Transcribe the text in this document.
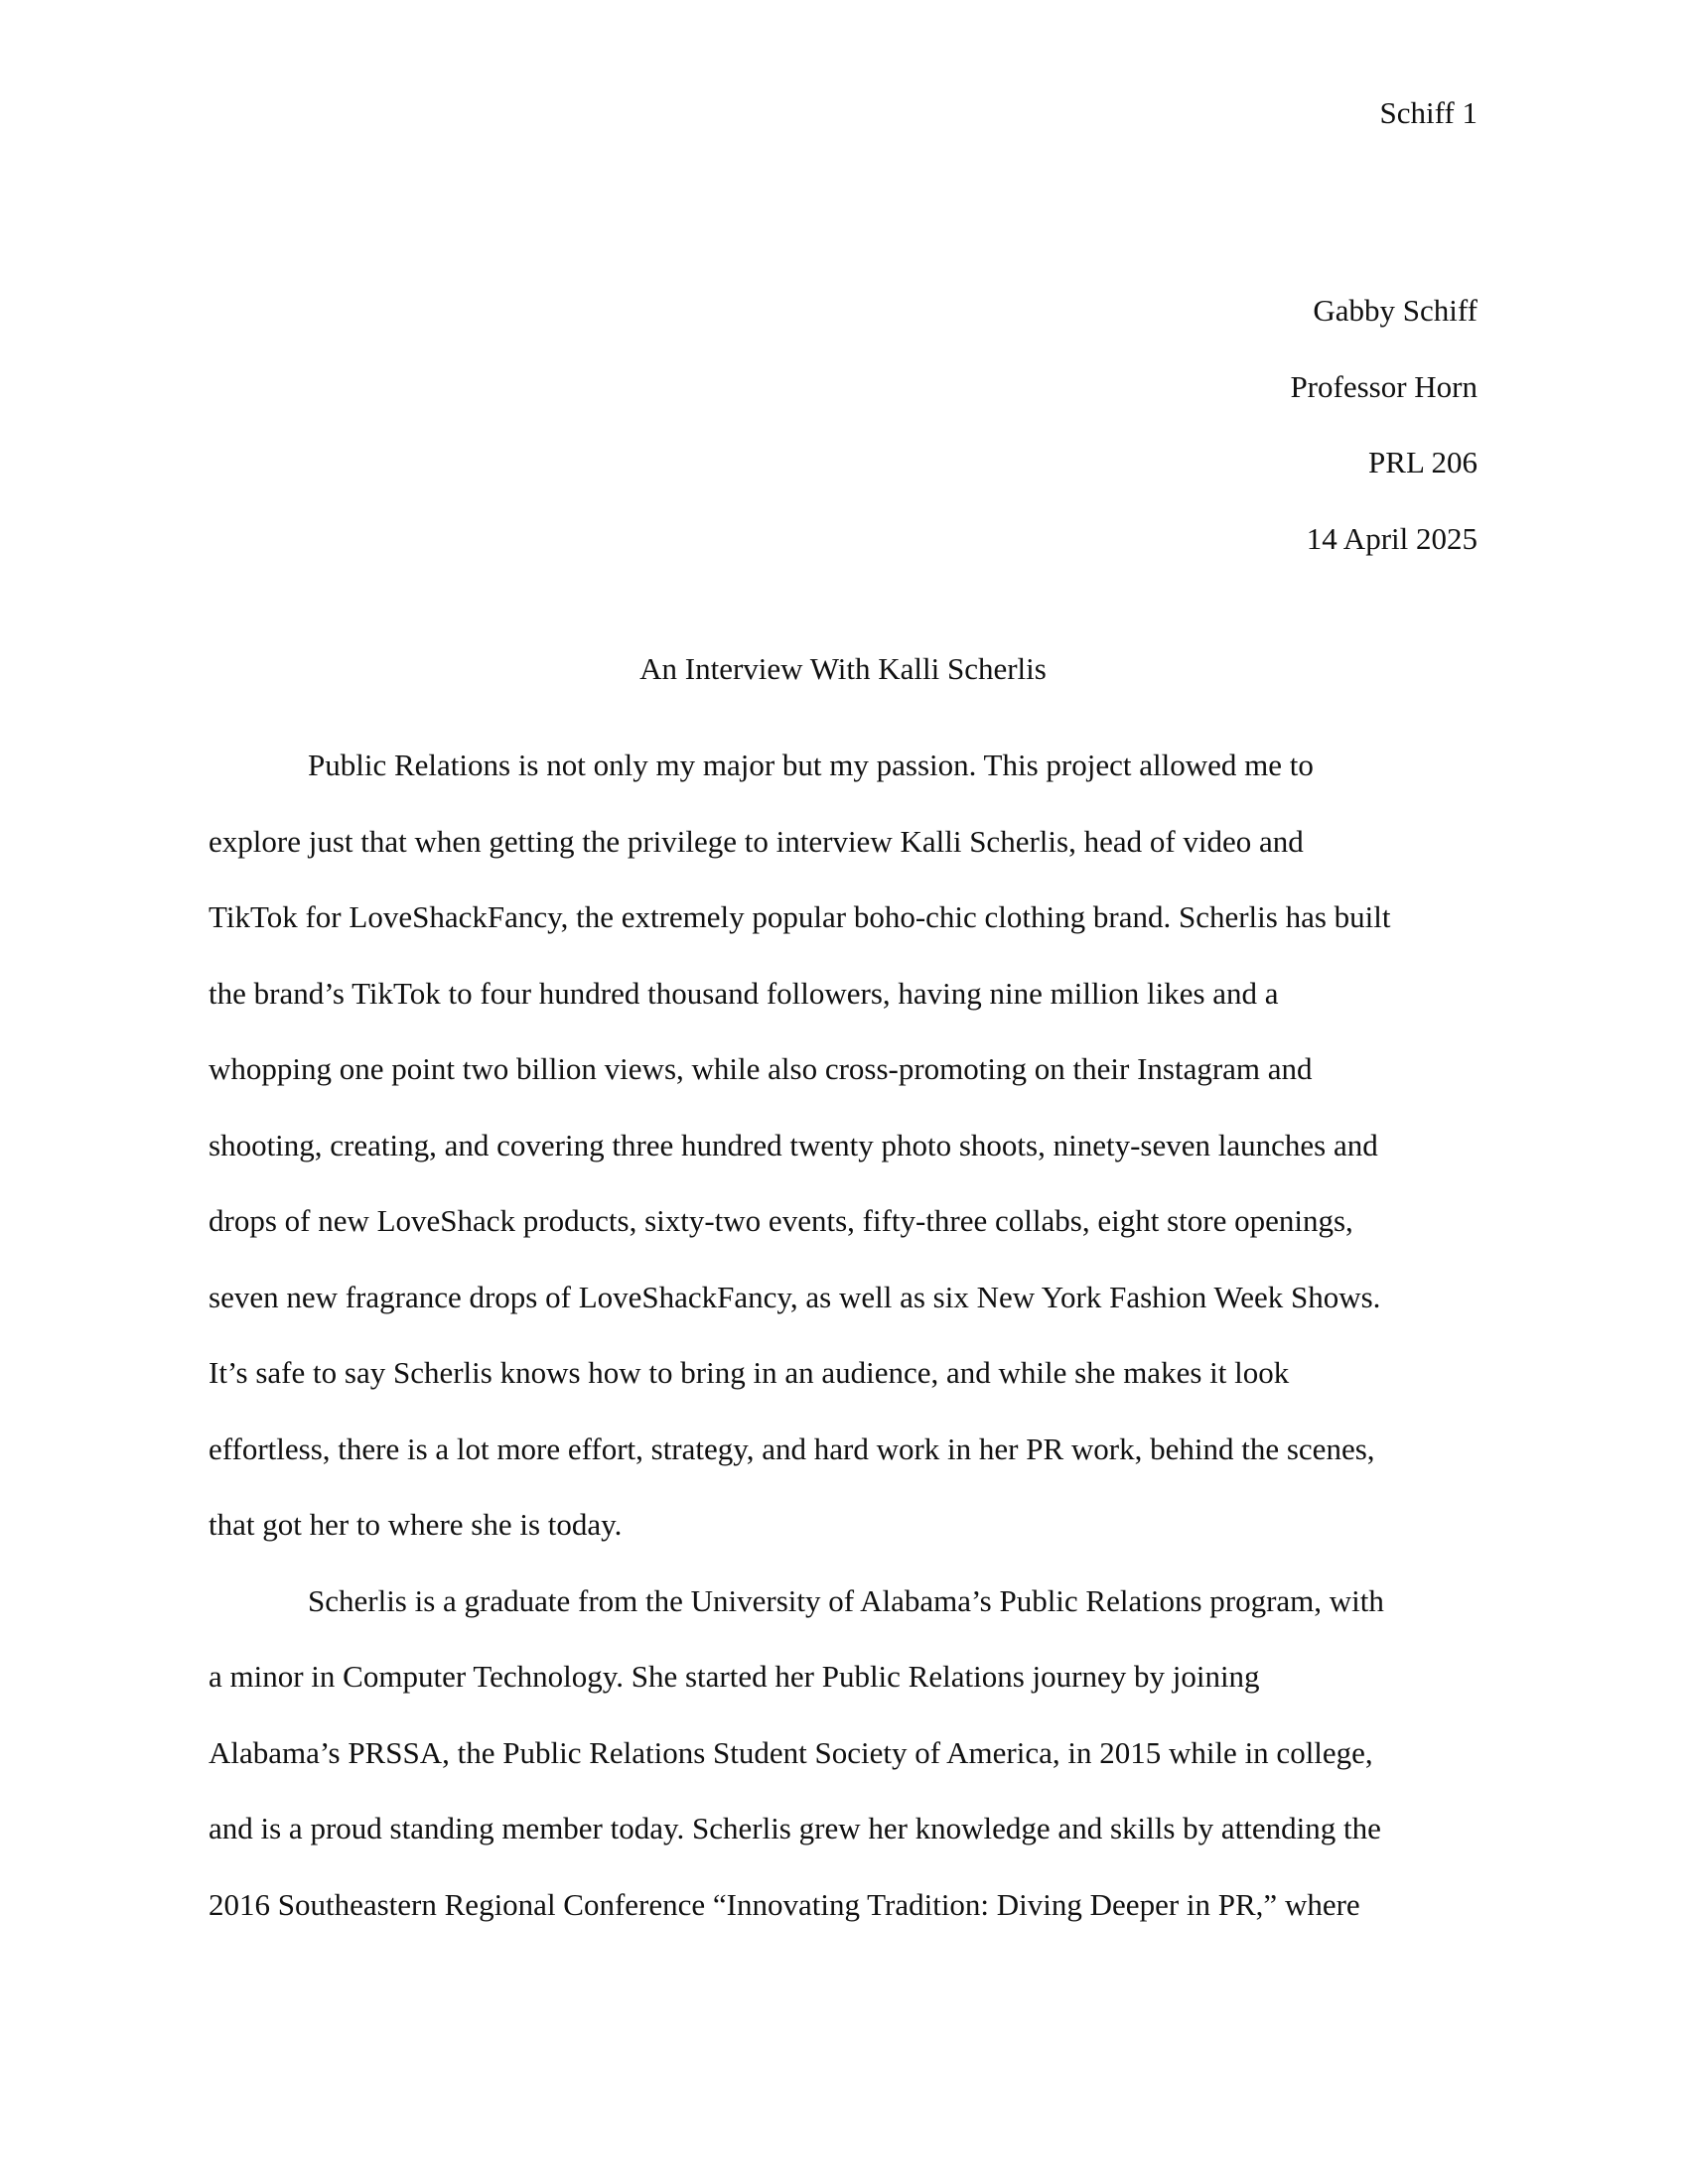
Schiff 1
Gabby Schiff
Professor Horn
PRL 206
14 April 2025
An Interview With Kalli Scherlis
Public Relations is not only my major but my passion. This project allowed me to
explore just that when getting the privilege to interview Kalli Scherlis, head of video and
TikTok for LoveShackFancy, the extremely popular boho-chic clothing brand. Scherlis has built
the brand’s TikTok to four hundred thousand followers, having nine million likes and a
whopping one point two billion views, while also cross-promoting on their Instagram and
shooting, creating, and covering three hundred twenty photo shoots, ninety-seven launches and
drops of new LoveShack products, sixty-two events, fifty-three collabs, eight store openings,
seven new fragrance drops of LoveShackFancy, as well as six New York Fashion Week Shows.
It’s safe to say Scherlis knows how to bring in an audience, and while she makes it look
effortless, there is a lot more effort, strategy, and hard work in her PR work, behind the scenes,
that got her to where she is today.
Scherlis is a graduate from the University of Alabama’s Public Relations program, with
a minor in Computer Technology. She started her Public Relations journey by joining
Alabama’s PRSSA, the Public Relations Student Society of America, in 2015 while in college,
and is a proud standing member today. Scherlis grew her knowledge and skills by attending the
2016 Southeastern Regional Conference “Innovating Tradition: Diving Deeper in PR,” where
